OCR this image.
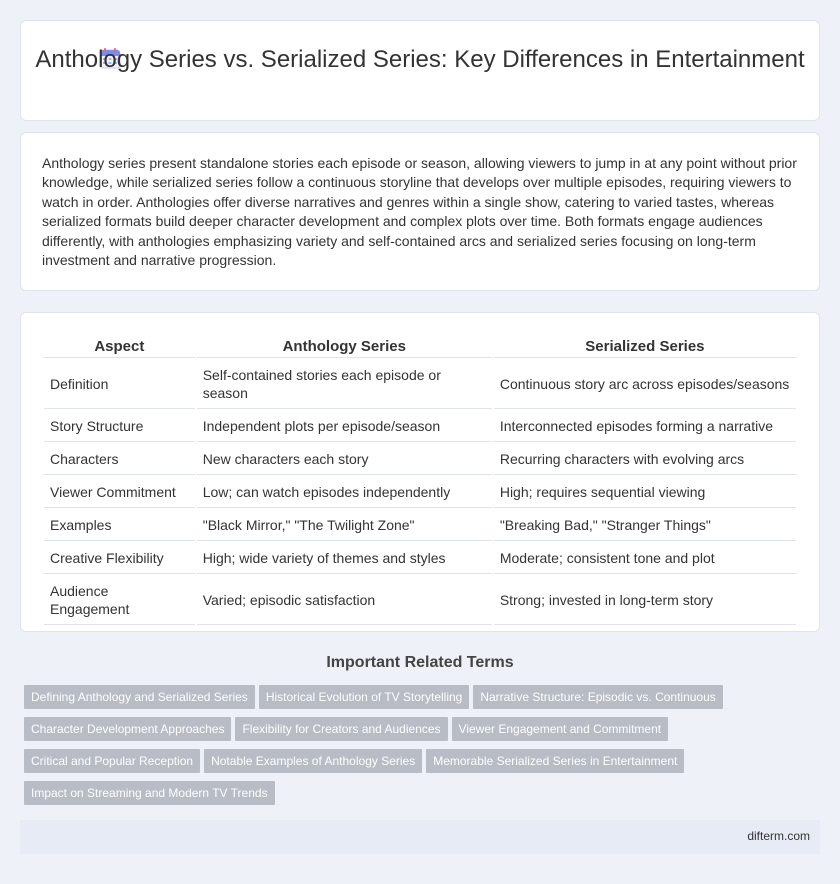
Anthology Series vs. Serialized Series: Key Differences in Entertainment

Anthology series present standalone stories each episode or season, allowing viewers to jump in at any point without prior knowledge, while serialized series follow a continuous storyline that develops over multiple episodes, requiring viewers to watch in order. Anthologies offer diverse narratives and genres within a single show, catering to varied tastes, whereas serialized formats build deeper character development and complex plots over time. Both formats engage audiences differently, with anthologies emphasizing variety and self-contained arcs and serialized series focusing on long-term investment and narrative progression.

Aspect	Anthology Series	Serialized Series
Definition	Self-contained stories each episode or season	Continuous story arc across episodes/seasons
Story Structure	Independent plots per episode/season	Interconnected episodes forming a narrative
Characters	New characters each story	Recurring characters with evolving arcs
Viewer Commitment	Low; can watch episodes independently	High; requires sequential viewing
Examples	"Black Mirror," "The Twilight Zone"	"Breaking Bad," "Stranger Things"
Creative Flexibility	High; wide variety of themes and styles	Moderate; consistent tone and plot
Audience Engagement	Varied; episodic satisfaction	Strong; invested in long-term story
Important Related Terms
Defining Anthology and Serialized Series Historical Evolution of TV Storytelling Narrative Structure: Episodic vs. Continuous
Character Development Approaches Flexibility for Creators and Audiences Viewer Engagement and Commitment
Critical and Popular Reception Notable Examples of Anthology Series Memorable Serialized Series in Entertainment
Impact on Streaming and Modern TV Trends
difterm.com
